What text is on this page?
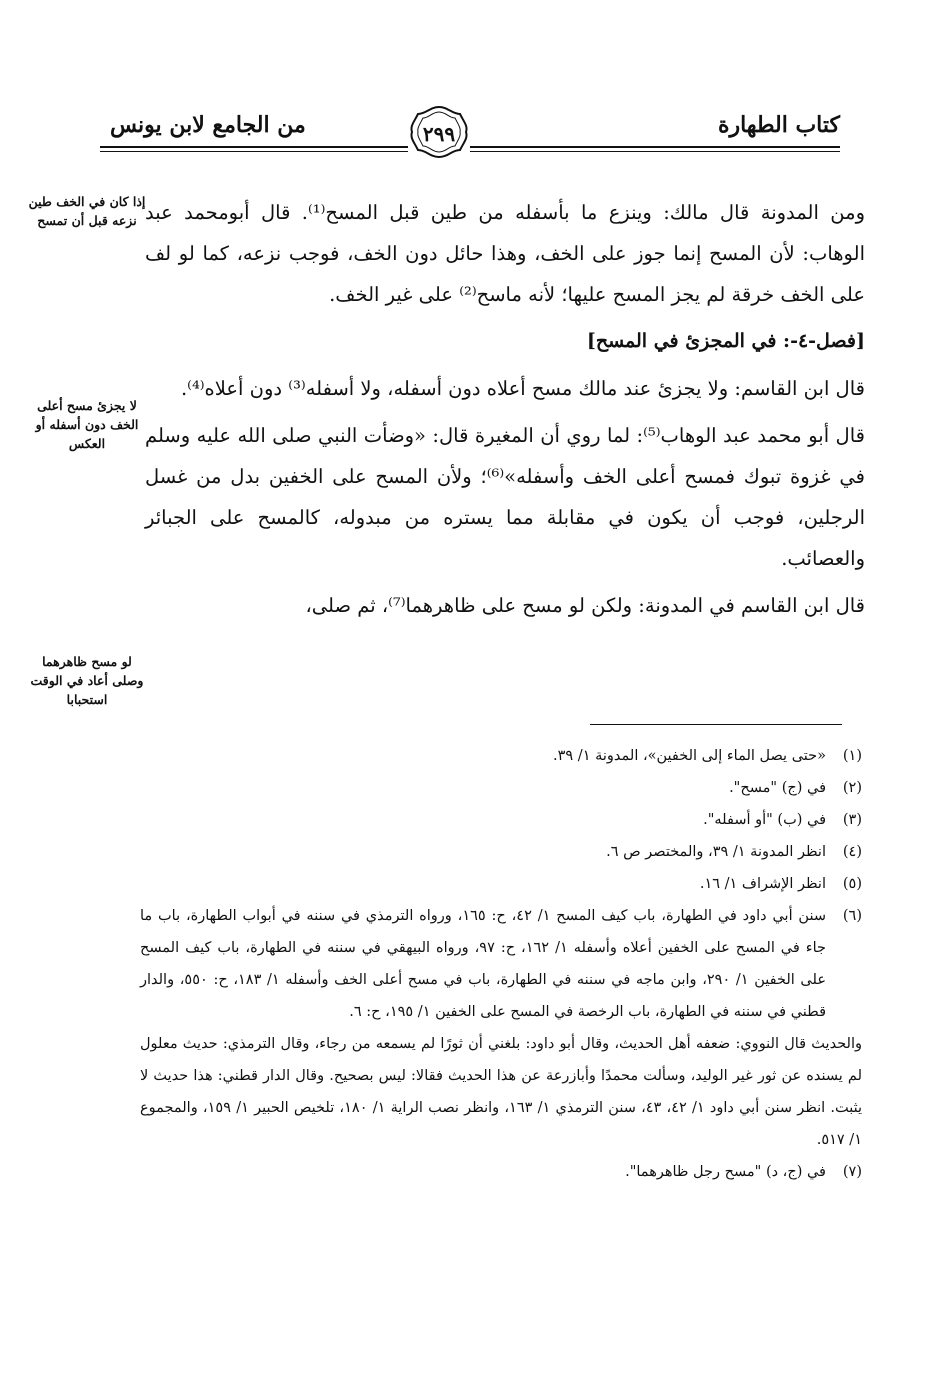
كتاب الطهارة
من الجامع لابن يونس	٢٩٩

ومن المدونة قال مالك: وينزع ما بأسفله من طين قبل المسح⁽¹⁾. قال أبومحمد عبد الوهاب: لأن المسح إنما جوز على الخف، وهذا حائل دون الخف، فوجب نزعه، كما لو لف على الخف خرقة لم يجز المسح عليها؛ لأنه ماسح⁽²⁾ على غير الخف.

[فصل-٤-: في المجزئ في المسح]

قال ابن القاسم: ولا يجزئ عند مالك مسح أعلاه دون أسفله، ولا أسفله⁽³⁾ دون أعلاه⁽⁴⁾.

قال أبو محمد عبد الوهاب⁽⁵⁾: لما روي أن المغيرة قال: «وضأت النبي صلى الله عليه وسلم في غزوة تبوك فمسح أعلى الخف وأسفله»⁽⁶⁾؛ ولأن المسح على الخفين بدل من غسل الرجلين، فوجب أن يكون في مقابلة مما يستره من مبدوله، كالمسح على الجبائر والعصائب.

قال ابن القاسم في المدونة: ولكن لو مسح على ظاهرهما⁽⁷⁾، ثم صلى،

إذا كان في الخف طين نزعه قبل أن تمسح
لا يجزئ مسح أعلى الخف دون أسفله أو العكس
لو مسح ظاهرهما وصلى أعاد في الوقت استحبابا
(١)
«حتى يصل الماء إلى الخفين»، المدونة ١/ ٣٩.
(٢)
في (ج) "مسح".
(٣)
في (ب) "أو أسفله".
(٤)
انظر المدونة ١/ ٣٩، والمختصر ص ٦.
(٥)
انظر الإشراف ١/ ١٦.
(٦)
سنن أبي داود في الطهارة، باب كيف المسح ١/ ٤٢، ح: ١٦٥، ورواه الترمذي في سننه في أبواب الطهارة، باب ما جاء في المسح على الخفين أعلاه وأسفله ١/ ١٦٢، ح: ٩٧، ورواه البيهقي في سننه في الطهارة، باب كيف المسح على الخفين ١/ ٢٩٠، وابن ماجه في سننه في الطهارة، باب في مسح أعلى الخف وأسفله ١/ ١٨٣، ح: ٥٥٠، والدار قطني في سننه في الطهارة، باب الرخصة في المسح على الخفين ١/ ١٩٥، ح: ٦.

والحديث قال النووي: ضعفه أهل الحديث، وقال أبو داود: بلغني أن ثورًا لم يسمعه من رجاء، وقال الترمذي: حديث معلول لم يسنده عن ثور غير الوليد، وسألت محمدًا وأبازرعة عن هذا الحديث فقالا: ليس بصحيح. وقال الدار قطني: هذا حديث لا يثبت. انظر سنن أبي داود ١/ ٤٢، ٤٣، سنن الترمذي ١/ ١٦٣، وانظر نصب الراية ١/ ١٨٠، تلخيص الحبير ١/ ١٥٩، والمجموع ١/ ٥١٧.

(٧)
في (ج، د) "مسح رجل ظاهرهما".
